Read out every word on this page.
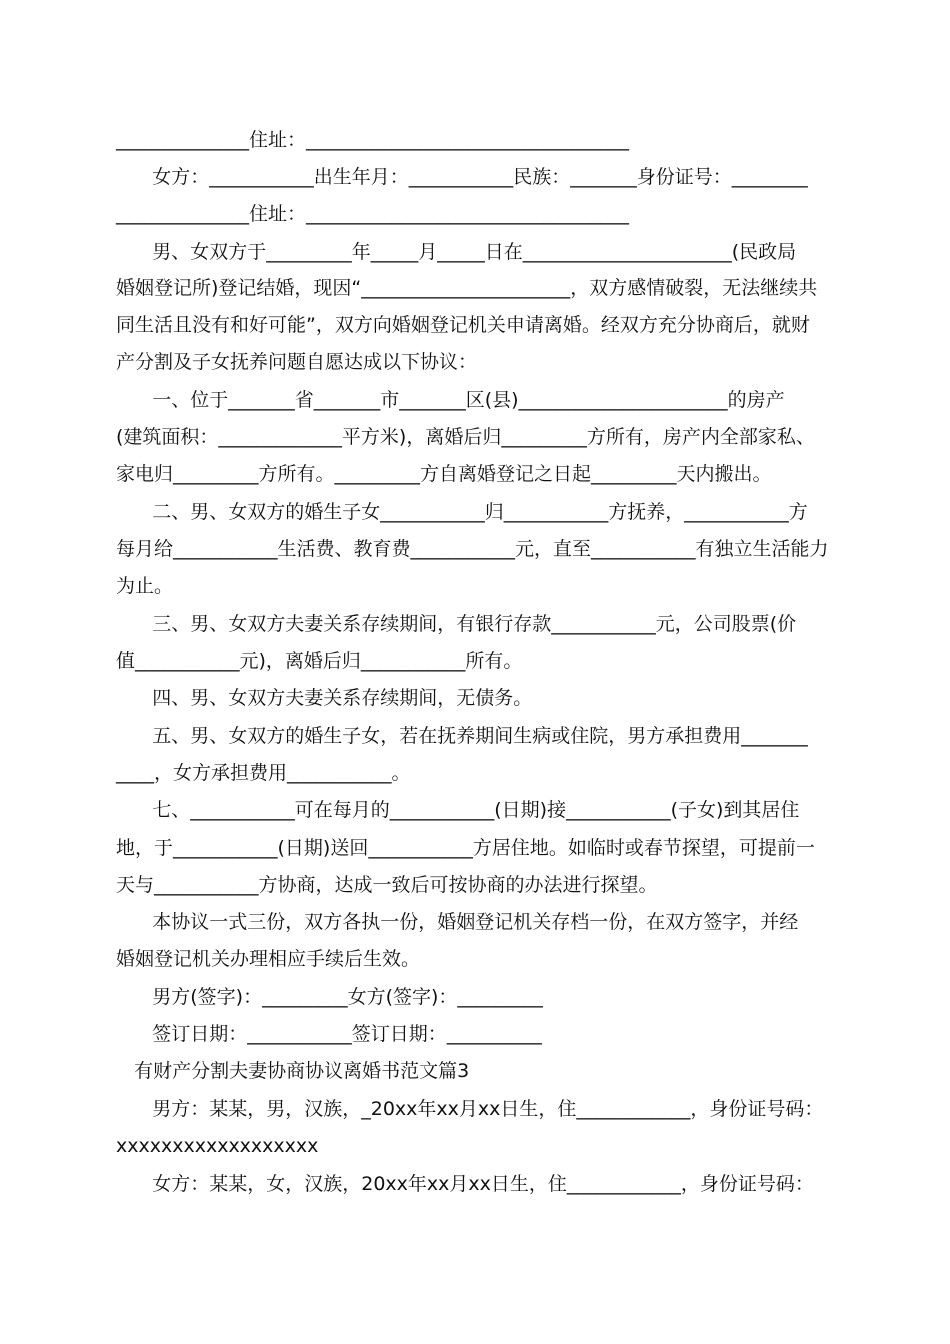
______________住址：__________________________________
女方：___________出生年月：___________民族：_______身份证号：________
______________住址：__________________________________
男、女双方于_________年_____月_____日在______________________(民政局
婚姻登记所)登记结婚，现因“______________________，双方感情破裂，无法继续共
同生活且没有和好可能”，双方向婚姻登记机关申请离婚。经双方充分协商后，就财
产分割及子女抚养问题自愿达成以下协议：
一、位于_______省_______市_______区(县)______________________的房产
(建筑面积：_____________平方米)，离婚后归_________方所有，房产内全部家私、
家电归_________方所有。_________方自离婚登记之日起_________天内搬出。
二、男、女双方的婚生子女___________归___________方抚养，___________方
每月给___________生活费、教育费___________元，直至___________有独立生活能力
为止。
三、男、女双方夫妻关系存续期间，有银行存款___________元，公司股票(价
值___________元)，离婚后归___________所有。
四、男、女双方夫妻关系存续期间，无债务。
五、男、女双方的婚生子女，若在抚养期间生病或住院，男方承担费用_______
____，女方承担费用___________。
七、___________可在每月的___________(日期)接___________(子女)到其居住
地，于___________(日期)送回___________方居住地。如临时或春节探望，可提前一
天与___________方协商，达成一致后可按协商的办法进行探望。
本协议一式三份，双方各执一份，婚姻登记机关存档一份，在双方签字，并经
婚姻登记机关办理相应手续后生效。
男方(签字)：_________女方(签字)：_________
签订日期：___________签订日期：__________
有财产分割夫妻协商协议离婚书范文篇3
男方：某某，男，汉族，_20xx年xx月xx日生，住____________，身份证号码：
xxxxxxxxxxxxxxxxxx
女方：某某，女，汉族，20xx年xx月xx日生，住____________，身份证号码：
